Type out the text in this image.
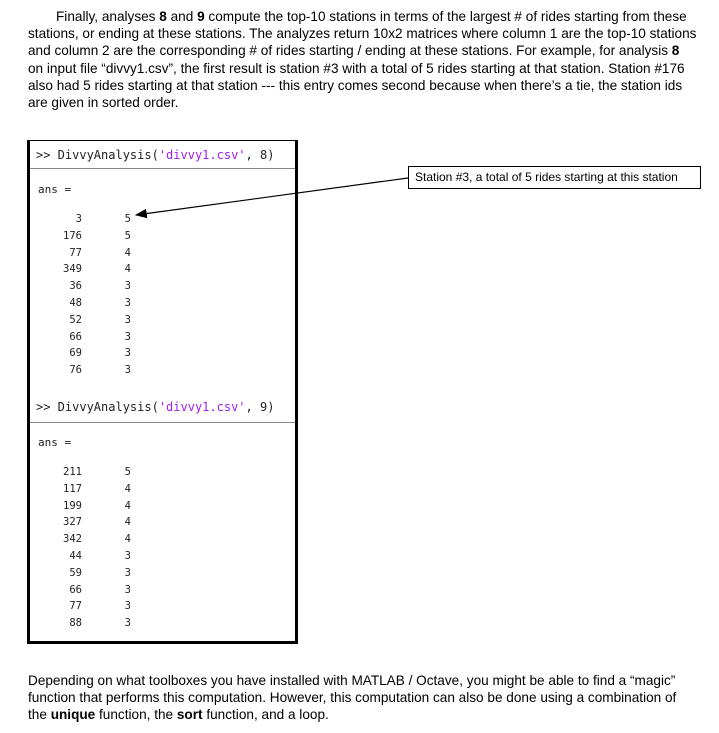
Finally, analyses 8 and 9 compute the top-10 stations in terms of the largest # of rides starting from these stations, or ending at these stations. The analyzes return 10x2 matrices where column 1 are the top-10 stations and column 2 are the corresponding # of rides starting / ending at these stations. For example, for analysis 8 on input file “divvy1.csv”, the first result is station #3 with a total of 5 rides starting at that station. Station #176 also had 5 rides starting at that station --- this entry comes second because when there’s a tie, the station ids are given in sorted order.

>> DivvyAnalysis('divvy1.csv', 8)
ans =
3	5
176	5
77	4
349	4
36	3
48	3
52	3
66	3
69	3
76	3
>> DivvyAnalysis('divvy1.csv', 9)
ans =
211	5
117	4
199	4
327	4
342	4
44	3
59	3
66	3
77	3
88	3
Station #3, a total of 5 rides starting at this station

Depending on what toolboxes you have installed with MATLAB / Octave, you might be able to find a “magic” function that performs this computation. However, this computation can also be done using a combination of the unique function, the sort function, and a loop.
